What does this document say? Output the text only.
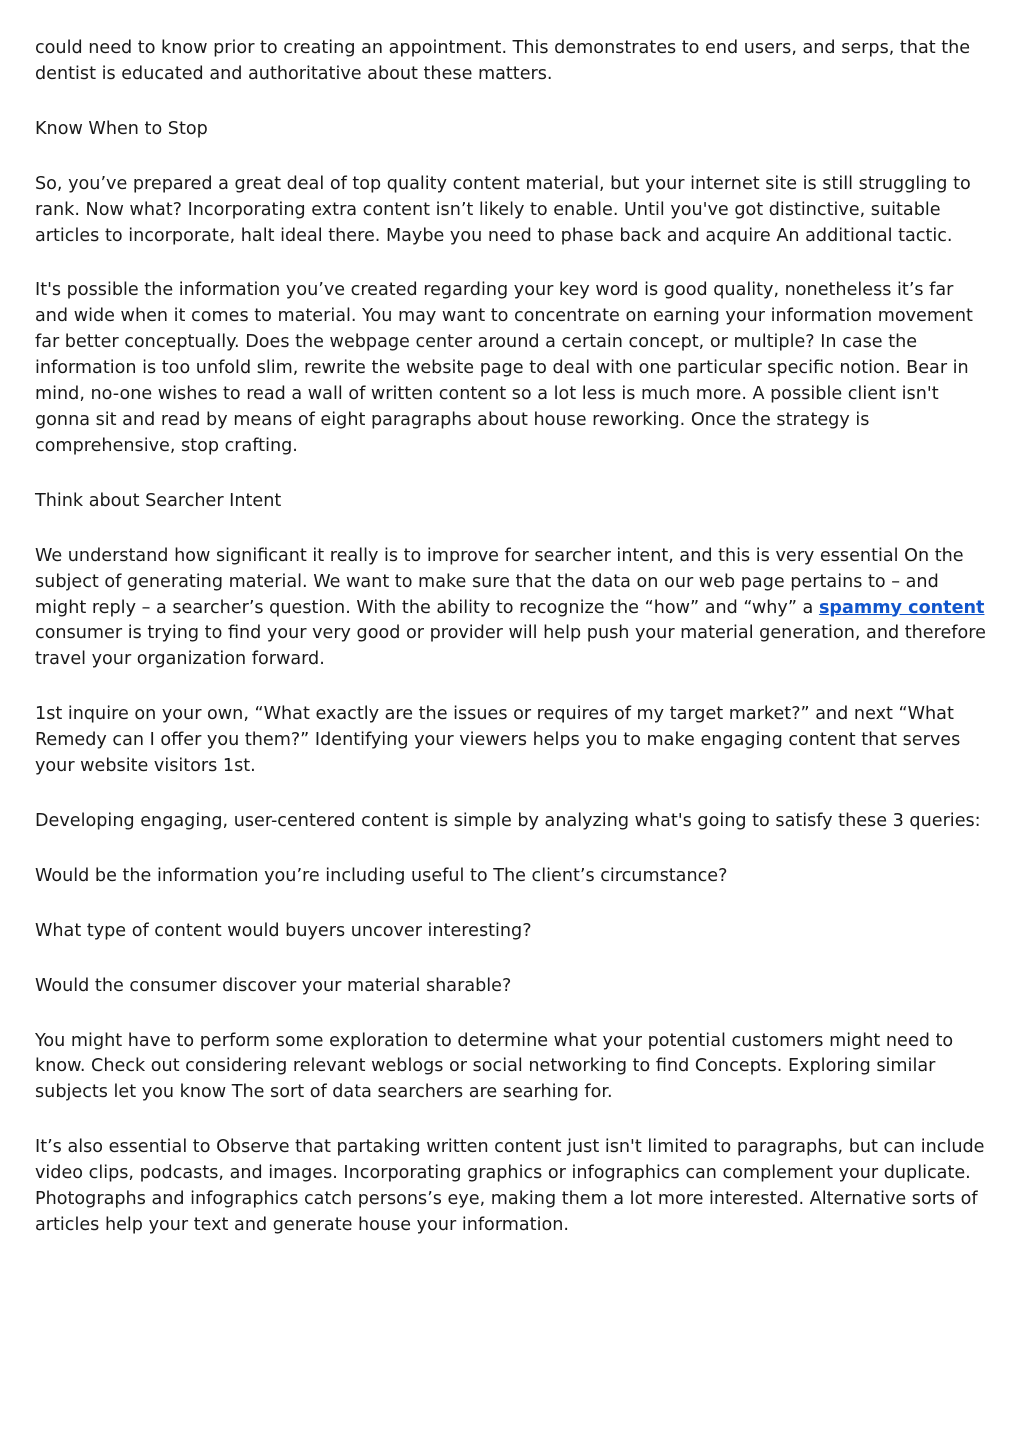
could need to know prior to creating an appointment. This demonstrates to end users, and serps, that the dentist is educated and authoritative about these matters.

Know When to Stop

So, you’ve prepared a great deal of top quality content material, but your internet site is still struggling to rank. Now what? Incorporating extra content isn’t likely to enable. Until you've got distinctive, suitable articles to incorporate, halt ideal there. Maybe you need to phase back and acquire An additional tactic.

It's possible the information you’ve created regarding your key word is good quality, nonetheless it’s far and wide when it comes to material. You may want to concentrate on earning your information movement far better conceptually. Does the webpage center around a certain concept, or multiple? In case the information is too unfold slim, rewrite the website page to deal with one particular specific notion. Bear in mind, no-one wishes to read a wall of written content so a lot less is much more. A possible client isn't gonna sit and read by means of eight paragraphs about house reworking. Once the strategy is comprehensive, stop crafting.

Think about Searcher Intent

We understand how significant it really is to improve for searcher intent, and this is very essential On the subject of generating material. We want to make sure that the data on our web page pertains to – and might reply – a searcher’s question. With the ability to recognize the “how” and “why” a spammy content consumer is trying to find your very good or provider will help push your material generation, and therefore travel your organization forward.

1st inquire on your own, “What exactly are the issues or requires of my target market?” and next “What Remedy can I offer you them?” Identifying your viewers helps you to make engaging content that serves your website visitors 1st.

Developing engaging, user-centered content is simple by analyzing what's going to satisfy these 3 queries:

Would be the information you’re including useful to The client’s circumstance?

What type of content would buyers uncover interesting?

Would the consumer discover your material sharable?

You might have to perform some exploration to determine what your potential customers might need to know. Check out considering relevant weblogs or social networking to find Concepts. Exploring similar subjects let you know The sort of data searchers are searhing for.

It’s also essential to Observe that partaking written content just isn't limited to paragraphs, but can include video clips, podcasts, and images. Incorporating graphics or infographics can complement your duplicate. Photographs and infographics catch persons’s eye, making them a lot more interested. Alternative sorts of articles help your text and generate house your information.
